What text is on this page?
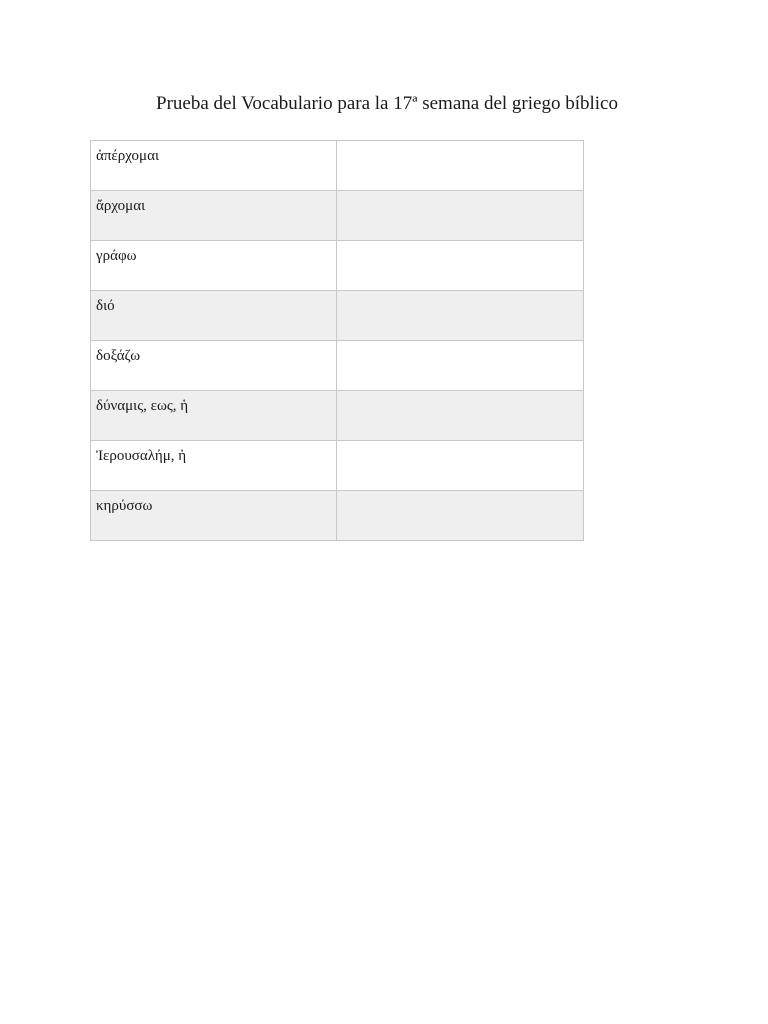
Prueba del Vocabulario para la 17ª semana del griego bíblico
ἀπέρχομαι	
ἄρχομαι	
γράφω	
διό	
δοξάζω	
δύναμις, εως, ἡ	
Ἰερουσαλήμ, ἡ	
κηρύσσω	
